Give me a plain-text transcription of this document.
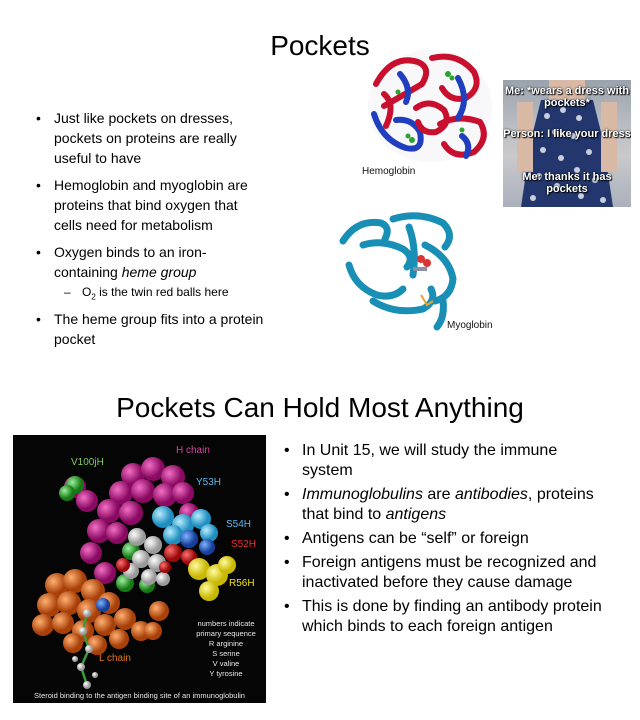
Pockets
• Just like pockets on dresses, pockets on proteins are really useful to have
• Hemoglobin and myoglobin are proteins that bind oxygen that cells need for metabolism
• Oxygen binds to an iron-containing heme group
– $O_2$ is the twin red balls here
• The heme group fits into a protein pocket
Hemoglobin
Me: *wears a dress with pockets*
Person: I like your dress
Me: thanks it has pockets
Myoglobin
Pockets Can Hold Most Anything
• In Unit 15, we will study the immune system
• Immunoglobulins are antibodies, proteins that bind to antigens
• Antigens can be “self” or foreign
• Foreign antigens must be recognized and inactivated before they cause damage
• This is done by finding an antibody protein which binds to each foreign antigen
H chain
V100jH
Y53H
S54H
S52H
R56H
L chain
numbers indicate
primary sequence
R arginine
S serine
V valine
Y tyrosine
Steroid binding to the antigen binding site of an immunoglobulin
